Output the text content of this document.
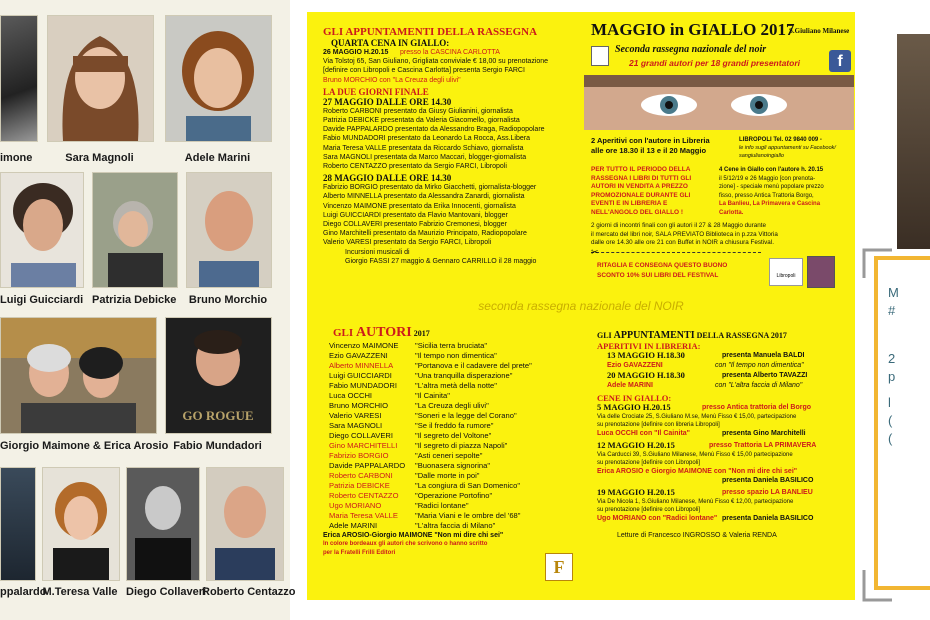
imone	Sara Magnoli	Adele Marini
Luigi Guicciardi Patrizia Debicke Bruno Morchio
Giorgio Maimone & Erica Arosio
GO ROGUE
Fabio Mundadori
ppalardo
M.Teresa Valle Diego Collaveri
Roberto Centazzo
GLI APPUNTAMENTI DELLA RASSEGNA
QUARTA CENA IN GIALLO:
26 MAGGIO H.20.15 presso la CASCINA CARLOTTA
Via Tolstoj 65, San Giuliano, Grigliata conviviale € 18,00 su prenotazione
[definire con Libropoli e Cascina Carlotta] presenta Sergio FARCI
Bruno MORCHIO con "La Creuza degli ulivi"
LA DUE GIORNI FINALE
27 MAGGIO DALLE ORE 14.30
Roberto CARBONI presentato da Giusy Giulianini, giornalista
Patrizia DEBICKE presentata da Valeria Giacomello, giornalista
Davide PAPPALARDO presentato da Alessandro Braga, Radiopopolare
Fabio MUNDADORI presentato da Leonardo La Rocca, Ass.Libera
Maria Teresa VALLE presentata da Riccardo Schiavo, giornalista
Sara MAGNOLI presentata da Marco Maccari, blogger-giornalista
Roberto CENTAZZO presentato da Sergio FARCI, Libropoli
28 MAGGIO DALLE ORE 14.30
Fabrizio BORGIO presentato da Mirko Giacchetti, giornalista-blogger
Alberto MINNELLA presentato da Alessandra Zanardi, giornalista
Vincenzo MAIMONE presentato da Erika Innocenti, giornalista
Luigi GUICCIARDI presentato da Flavio Mantovani, blogger
Diego COLLAVERI presentato Fabrizio Cremonesi, blogger
Gino Marchitelli presentato da Maurizio Principato, Radiopopolare
Valerio VARESI presentato da Sergio FARCI, Libropoli
Incursioni musicali di
Giorgio FASSI 27 maggio & Gennaro CARRILLO il 28 maggio
MAGGIO in GIALLO 2017
S.Giuliano Milanese
Seconda rassegna nazionale del noir
21 grandi autori per 18 grandi presentatori	f
2 Aperitivi con l'autore in Libreria
alle ore 18.30 il 13 e il 20 Maggio
LIBROPOLI Tel. 02 9840 009 -
le info sugli appuntamenti su Facebook/
sangiulianoingiallo
PER TUTTO IL PERIODO DELLA
RASSEGNA I LIBRI DI TUTTI GLI
AUTORI IN VENDITA A PREZZO
PROMOZIONALE DURANTE GLI
EVENTI E IN LIBRERIA E
NELL'ANGOLO DEL GIALLO !
4 Cene in Giallo con l'autore h. 20.15
il 5/12/19 e 26 Maggio [con prenota-
zione] - speciale menù popolare prezzo
fisso, presso Antica Trattoria Borgo,
La Banlieu, La Primavera e Cascina
Carlotta.
2 giorni di incontri finali con gli autori il 27 & 28 Maggio durante
il mercato del libri noir, SALA PREVIATO Biblioteca in p.zza Vittoria
dalle ore 14.30 alle ore 21 con Buffet in NOIR a chiusura Festival.
✂
RITAGLIA E CONSEGNA QUESTO BUONO
SCONTO 10% SUI LIBRI DEL FESTIVAL	Libropoli
seconda rassegna nazionale del NOIR
GLI AUTORI 2017
Vincenzo MAIMONE "Sicilia terra bruciata"
Ezio GAVAZZENI	"Il tempo non dimentica"
Alberto MINNELLA	"Portanova e il cadavere del prete"
Luigi GUICCIARDI	"Una tranquilla disperazione"
Fabio MUNDADORI "L'altra metà della notte"
Luca OCCHI	"Il Cainita"
Bruno MORCHIO	"La Creuza degli ulivi"
Valerio VARESI	"Soneri e la legge del Corano"
Sara MAGNOLI	"Se il freddo fa rumore"
Diego COLLAVERI	"Il segreto del Voltone"
Gino MARCHITELLI "Il segreto di piazza Napoli"
Fabrizio BORGIO	"Asti ceneri sepolte"
Davide PAPPALARDO "Buonasera signorina"
Roberto CARBONI	"Dalle morte in poi"
Patrizia DEBICKE	"La congiura di San Domenico"
Roberto CENTAZZO "Operazione Portofino"
Ugo MORIANO	"Radici lontane"
Maria Teresa VALLE "Maria Viani e le ombre del '68"
Adele MARINI	"L'altra faccia di Milano"
Erica AROSIO-Giorgio MAIMONE "Non mi dire chi sei"
In colore bordeaux gli autori che scrivono o hanno scritto
per la Fratelli Frilli Editori
F
GLI APPUNTAMENTI DELLA RASSEGNA 2017
APERITIVI IN LIBRERIA:
13 MAGGIO H.18.30	presenta Manuela BALDI
Ezio GAVAZZENI	con "Il tempo non dimentica"
20 MAGGIO H.18.30	presenta Alberto TAVAZZI
Adele MARINI	con "L'altra faccia di Milano"
CENE IN GIALLO:
5 MAGGIO H.20.15	presso Antica trattoria del Borgo
Via delle Crociate 25, S.Giuliano M.se, Menù Fisso € 15,00, partecipazione
su prenotazione [definire con libreria Libropoli]
Luca OCCHI con "Il Cainita"	presenta Gino Marchitelli
12 MAGGIO H.20.15	presso Trattoria LA PRIMAVERA
Via Carducci 39, S.Giuliano Milanese, Menù Fisso € 15,00 partecipazione
su prenotazione [definire con Libropoli]
Erica AROSIO e Giorgio MAIMONE con "Non mi dire chi sei"
presenta Daniela BASILICO
19 MAGGIO H.20.15	presso spazio LA BANLIEU
Via De Nicola 1, S.Giuliano Milanese, Menù Fisso € 12,00, partecipazione
su prenotazione [definire con Libropoli]
Ugo MORIANO con "Radici lontane" presenta Daniela BASILICO
Letture di Francesco INGROSSO & Valeria RENDA
M
#
2
p
l
(
(
